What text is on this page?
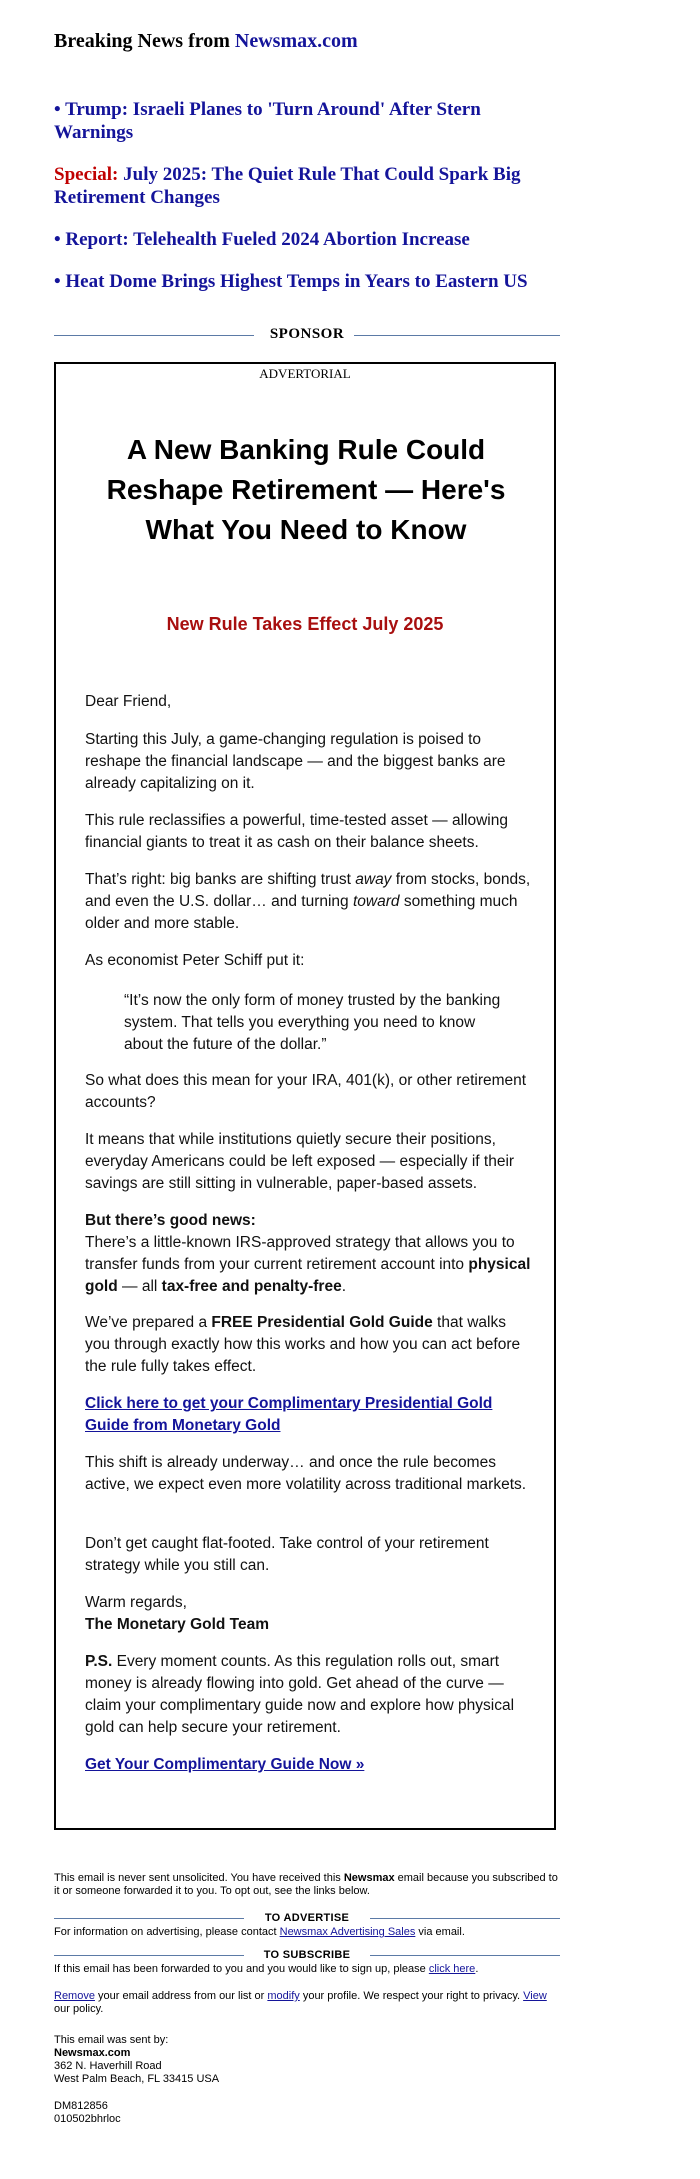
Breaking News from Newsmax.com
• Trump: Israeli Planes to 'Turn Around' After Stern Warnings
Special: July 2025: The Quiet Rule That Could Spark Big Retirement Changes
• Report: Telehealth Fueled 2024 Abortion Increase
• Heat Dome Brings Highest Temps in Years to Eastern US
SPONSOR
ADVERTORIAL
A New Banking Rule Could Reshape Retirement — Here's What You Need to Know
New Rule Takes Effect July 2025

Dear Friend,

Starting this July, a game-changing regulation is poised to reshape the financial landscape — and the biggest banks are already capitalizing on it.

This rule reclassifies a powerful, time-tested asset — allowing financial giants to treat it as cash on their balance sheets.

That’s right: big banks are shifting trust away from stocks, bonds, and even the U.S. dollar… and turning toward something much older and more stable.

As economist Peter Schiff put it:

“It’s now the only form of money trusted by the banking system. That tells you everything you need to know about the future of the dollar.”

So what does this mean for your IRA, 401(k), or other retirement accounts?

It means that while institutions quietly secure their positions, everyday Americans could be left exposed — especially if their savings are still sitting in vulnerable, paper-based assets.

But there’s good news:
There’s a little-known IRS-approved strategy that allows you to transfer funds from your current retirement account into physical gold — all tax-free and penalty-free.

We’ve prepared a FREE Presidential Gold Guide that walks you through exactly how this works and how you can act before the rule fully takes effect.

Click here to get your Complimentary Presidential Gold Guide from Monetary Gold

This shift is already underway… and once the rule becomes active, we expect even more volatility across traditional markets.

Don’t get caught flat-footed. Take control of your retirement strategy while you still can.

Warm regards,
The Monetary Gold Team

P.S. Every moment counts. As this regulation rolls out, smart money is already flowing into gold. Get ahead of the curve — claim your complimentary guide now and explore how physical gold can help secure your retirement.

Get Your Complimentary Guide Now »

This email is never sent unsolicited. You have received this Newsmax email because you subscribed to it or someone forwarded it to you. To opt out, see the links below.
TO ADVERTISE
For information on advertising, please contact Newsmax Advertising Sales via email.
TO SUBSCRIBE
If this email has been forwarded to you and you would like to sign up, please click here.
Remove your email address from our list or modify your profile. We respect your right to privacy. View our policy.
This email was sent by:
Newsmax.com
362 N. Haverhill Road
West Palm Beach, FL 33415 USA
DM812856
010502bhrloc
